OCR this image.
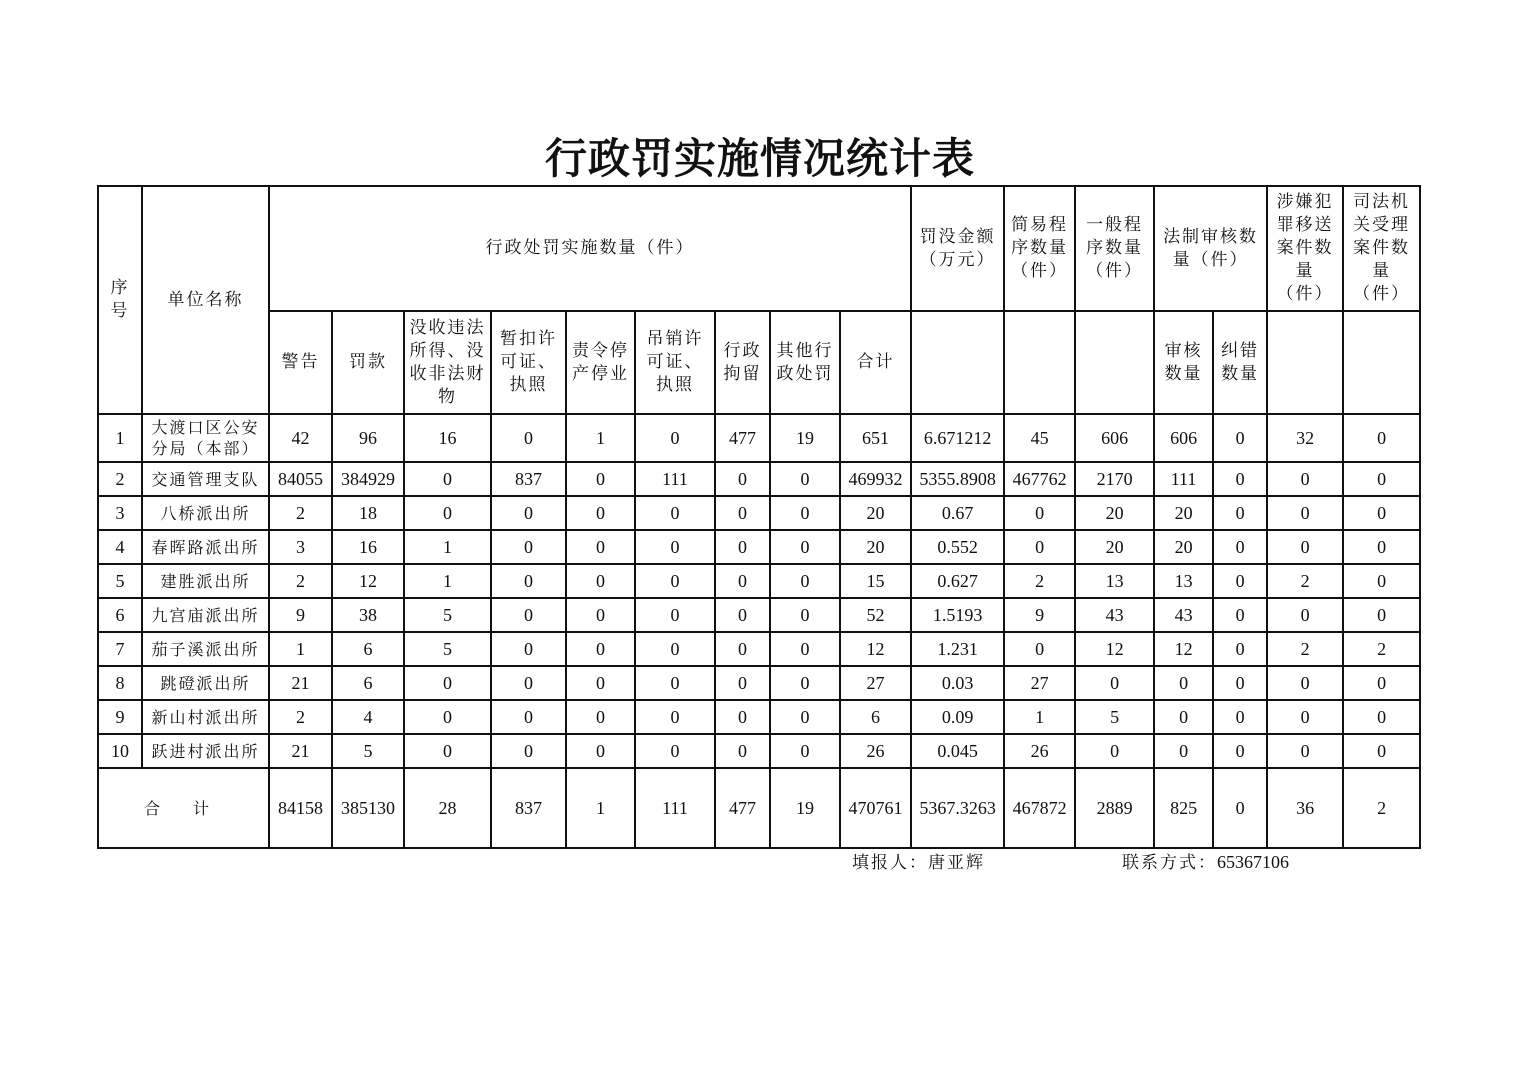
行政罚实施情况统计表
序号	单位名称	行政处罚实施数量（件）									罚没金额（万元）	简易程序数量（件）	一般程序数量（件）	法制审核数量（件）		涉嫌犯罪移送案件数量（件）	司法机关受理案件数量（件）

		警告	罚款	没收违法所得、没收非法财物	暂扣许可证、执照	责令停产停业	吊销许可证、执照	行政拘留	其他行政处罚	合计				审核数量	纠错数量		

1	大渡口区公安分局（本部）	42	96	16	0	1	0	477	19	651	6.671212	45	606	606	0	32	0
2	交通管理支队	84055	384929	0	837	0	111	0	0	469932	5355.8908	467762	2170	111	0	0	0
3	八桥派出所	2	18	0	0	0	0	0	0	20	0.67	0	20	20	0	0	0
4	春晖路派出所	3	16	1	0	0	0	0	0	20	0.552	0	20	20	0	0	0
5	建胜派出所	2	12	1	0	0	0	0	0	15	0.627	2	13	13	0	2	0
6	九宫庙派出所	9	38	5	0	0	0	0	0	52	1.5193	9	43	43	0	0	0
7	茄子溪派出所	1	6	5	0	0	0	0	0	12	1.231	0	12	12	0	2	2
8	跳磴派出所	21	6	0	0	0	0	0	0	27	0.03	27	0	0	0	0	0
9	新山村派出所	2	4	0	0	0	0	0	0	6	0.09	1	5	0	0	0	0
10	跃进村派出所	21	5	0	0	0	0	0	0	26	0.045	26	0	0	0	0	0
合 计		84158	385130	28	837	1	111	477	19	470761	5367.3263	467872	2889	825	0	36	2
填报人：唐亚辉	联系方式：65367106
